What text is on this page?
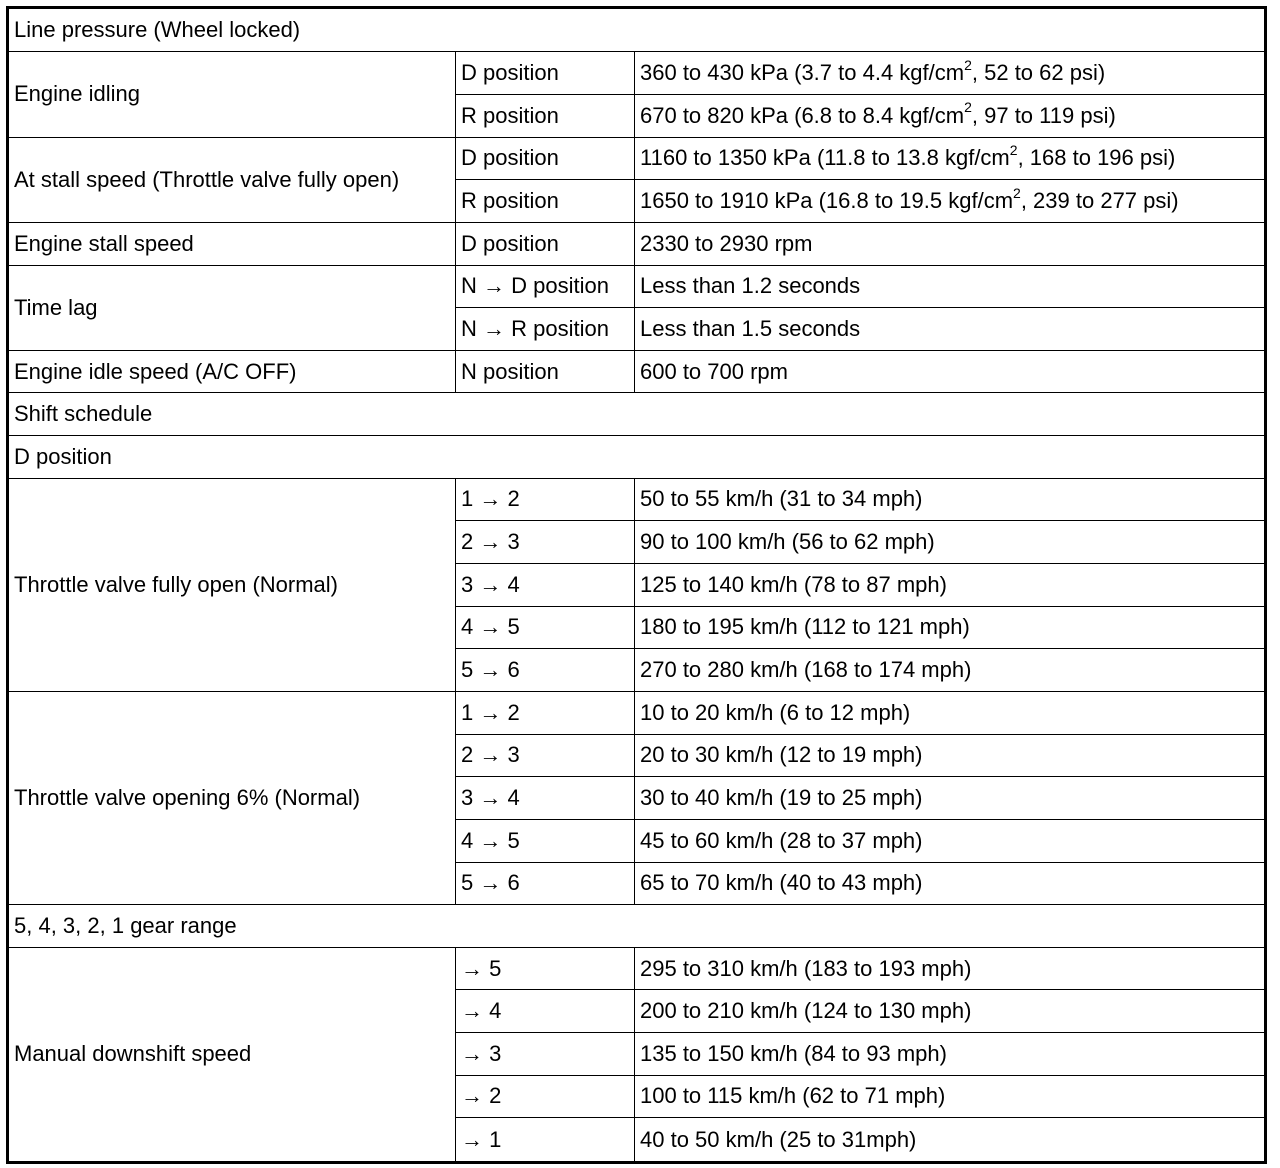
Line pressure (Wheel locked)		
Engine idling	D position	360 to 430 kPa (3.7 to 4.4 kgf/$cm^2$, 52 to 62 psi)
	R position	670 to 820 kPa (6.8 to 8.4 kgf/$cm^2$, 97 to 119 psi)
At stall speed (Throttle valve fully open)	D position	1160 to 1350 kPa (11.8 to 13.8 kgf/$cm^2$, 168 to 196 psi)
	R position	1650 to 1910 kPa (16.8 to 19.5 kgf/$cm^2$, 239 to 277 psi)
Engine stall speed	D position	2330 to 2930 rpm
Time lag	N → D position	Less than 1.2 seconds
	N → R position	Less than 1.5 seconds
Engine idle speed (A/C OFF)	N position	600 to 700 rpm
Shift schedule		
D position		
Throttle valve fully open (Normal)	1 → 2	50 to 55 km/h (31 to 34 mph)
	2 → 3	90 to 100 km/h (56 to 62 mph)
	3 → 4	125 to 140 km/h (78 to 87 mph)
	4 → 5	180 to 195 km/h (112 to 121 mph)
	5 → 6	270 to 280 km/h (168 to 174 mph)
Throttle valve opening 6% (Normal)	1 → 2	10 to 20 km/h (6 to 12 mph)
	2 → 3	20 to 30 km/h (12 to 19 mph)
	3 → 4	30 to 40 km/h (19 to 25 mph)
	4 → 5	45 to 60 km/h (28 to 37 mph)
	5 → 6	65 to 70 km/h (40 to 43 mph)
5, 4, 3, 2, 1 gear range		
Manual downshift speed	→ 5	295 to 310 km/h (183 to 193 mph)
	→ 4	200 to 210 km/h (124 to 130 mph)
	→ 3	135 to 150 km/h (84 to 93 mph)
	→ 2	100 to 115 km/h (62 to 71 mph)
	→ 1	40 to 50 km/h (25 to 31mph)
